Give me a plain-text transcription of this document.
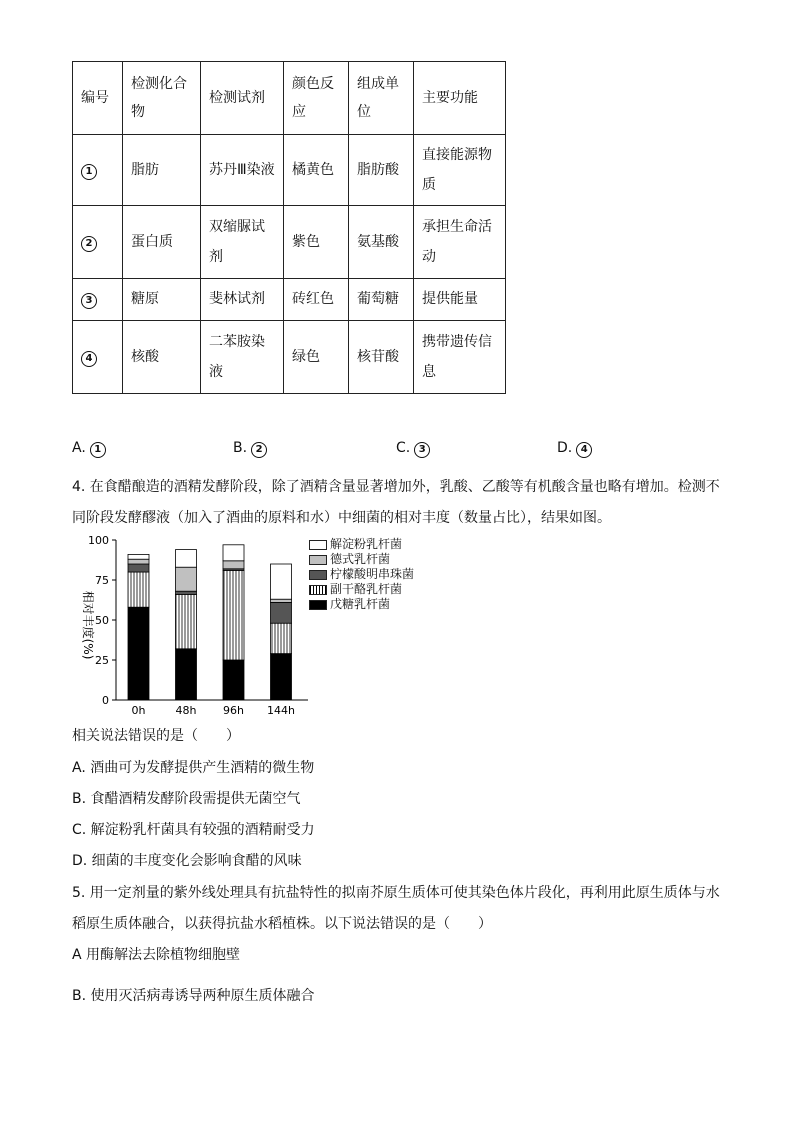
编号	检测化合物	检测试剂	颜色反应	组成单位	主要功能
1	脂肪	苏丹Ⅲ染液	橘黄色	脂肪酸	直接能源物质
2	蛋白质	双缩脲试剂	紫色	氨基酸	承担生命活动
3	糖原	斐林试剂	砖红色	葡萄糖	提供能量
4	核酸	二苯胺染液	绿色	核苷酸	携带遗传信息
A. 1	B. 2	C. 3	D. 4
4. 在食醋酿造的酒精发酵阶段，除了酒精含量显著增加外，乳酸、乙酸等有机酸含量也略有增加。检测不
同阶段发酵醪液（加入了酒曲的原料和水）中细菌的相对丰度（数量占比），结果如图。
0
25
50
75
100
0h	48h 96h 144h
相对丰度(%)
解淀粉乳杆菌
德式乳杆菌
柠檬酸明串珠菌
副干酪乳杆菌
戊糖乳杆菌
相关说法错误的是（　　）
A. 酒曲可为发酵提供产生酒精的微生物
B. 食醋酒精发酵阶段需提供无菌空气
C. 解淀粉乳杆菌具有较强的酒精耐受力
D. 细菌的丰度变化会影响食醋的风味
5. 用一定剂量的紫外线处理具有抗盐特性的拟南芥原生质体可使其染色体片段化，再利用此原生质体与水
稻原生质体融合，以获得抗盐水稻植株。以下说法错误的是（　　）
A 用酶解法去除植物细胞壁
B. 使用灭活病毒诱导两种原生质体融合
